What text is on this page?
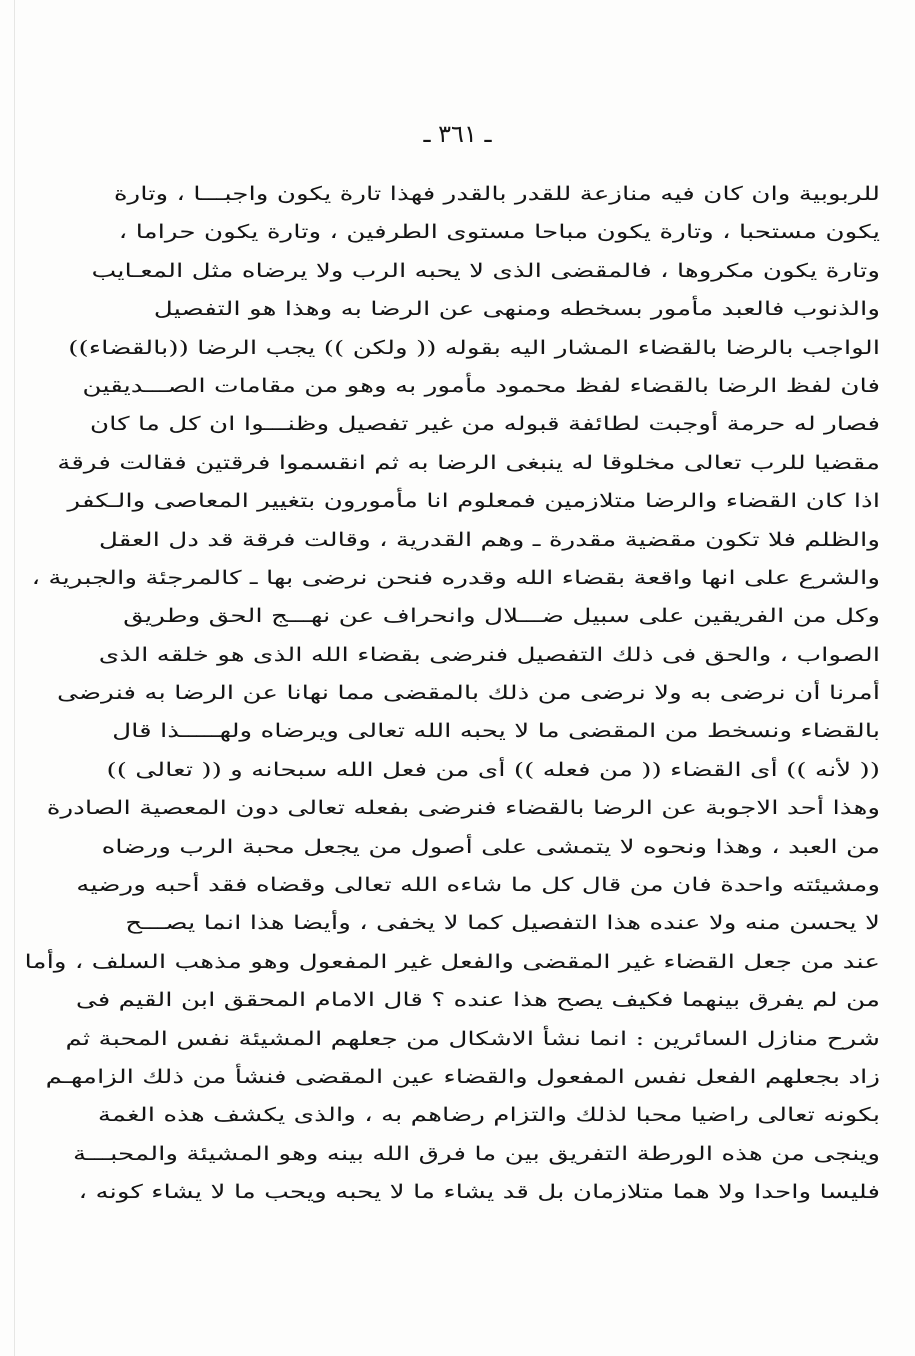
ـ ٣٦١ ـ
للربوبية وان كان فيه منازعة للقدر بالقدر فهذا تارة يكون واجبـــا ، وتارة
يكون مستحبا ، وتارة يكون مباحا مستوى الطرفين ، وتارة يكون حراما ،
وتارة يكون مكروها ، فالمقضى الذى لا يحبه الرب ولا يرضاه مثل المعـايب
والذنوب فالعبد مأمور بسخطه ومنهى عن الرضا به وهذا هو التفصيل
الواجب بالرضا بالقضاء المشار اليه بقوله (( ولكن )) يجب الرضا ((بالقضاء))
فان لفظ الرضا بالقضاء لفظ محمود مأمور به وهو من مقامات الصـــديقين
فصار له حرمة أوجبت لطائفة قبوله من غير تفصيل وظنـــوا ان كل ما كان
مقضيا للرب تعالى مخلوقا له ينبغى الرضا به ثم انقسموا فرقتين فقالت فرقة
اذا كان القضاء والرضا متلازمين فمعلوم انا مأمورون بتغيير المعاصى والـكفر
والظلم فلا تكون مقضية مقدرة ـ وهم القدرية ، وقالت فرقة قد دل العقل
والشرع على انها واقعة بقضاء الله وقدره فنحن نرضى بها ـ كالمرجئة والجبرية ،
وكل من الفريقين على سبيل ضـــلال وانحراف عن نهـــج الحق وطريق
الصواب ، والحق فى ذلك التفصيل فنرضى بقضاء الله الذى هو خلقه الذى
أمرنا أن نرضى به ولا نرضى من ذلك بالمقضى مما نهانا عن الرضا به فنرضى
بالقضاء ونسخط من المقضى ما لا يحبه الله تعالى ويرضاه ولهـــــذا قال
(( لأنه )) أى القضاء (( من فعله )) أى من فعل الله سبحانه و (( تعالى ))
وهذا أحد الاجوبة عن الرضا بالقضاء فنرضى بفعله تعالى دون المعصية الصادرة
من العبد ، وهذا ونحوه لا يتمشى على أصول من يجعل محبة الرب ورضاه
ومشيئته واحدة فان من قال كل ما شاءه الله تعالى وقضاه فقد أحبه ورضيه
لا يحسن منه ولا عنده هذا التفصيل كما لا يخفى ، وأيضا هذا انما يصـــح
عند من جعل القضاء غير المقضى والفعل غير المفعول وهو مذهب السلف ، وأما
من لم يفرق بينهما فكيف يصح هذا عنده ؟ قال الامام المحقق ابن القيم فى
شرح منازل السائرين : انما نشأ الاشكال من جعلهم المشيئة نفس المحبة ثم
زاد بجعلهم الفعل نفس المفعول والقضاء عين المقضى فنشأ من ذلك الزامهـم
بكونه تعالى راضيا محبا لذلك والتزام رضاهم به ، والذى يكشف هذه الغمة
وينجى من هذه الورطة التفريق بين ما فرق الله بينه وهو المشيئة والمحبـــة
فليسا واحدا ولا هما متلازمان بل قد يشاء ما لا يحبه ويحب ما لا يشاء كونه ،
